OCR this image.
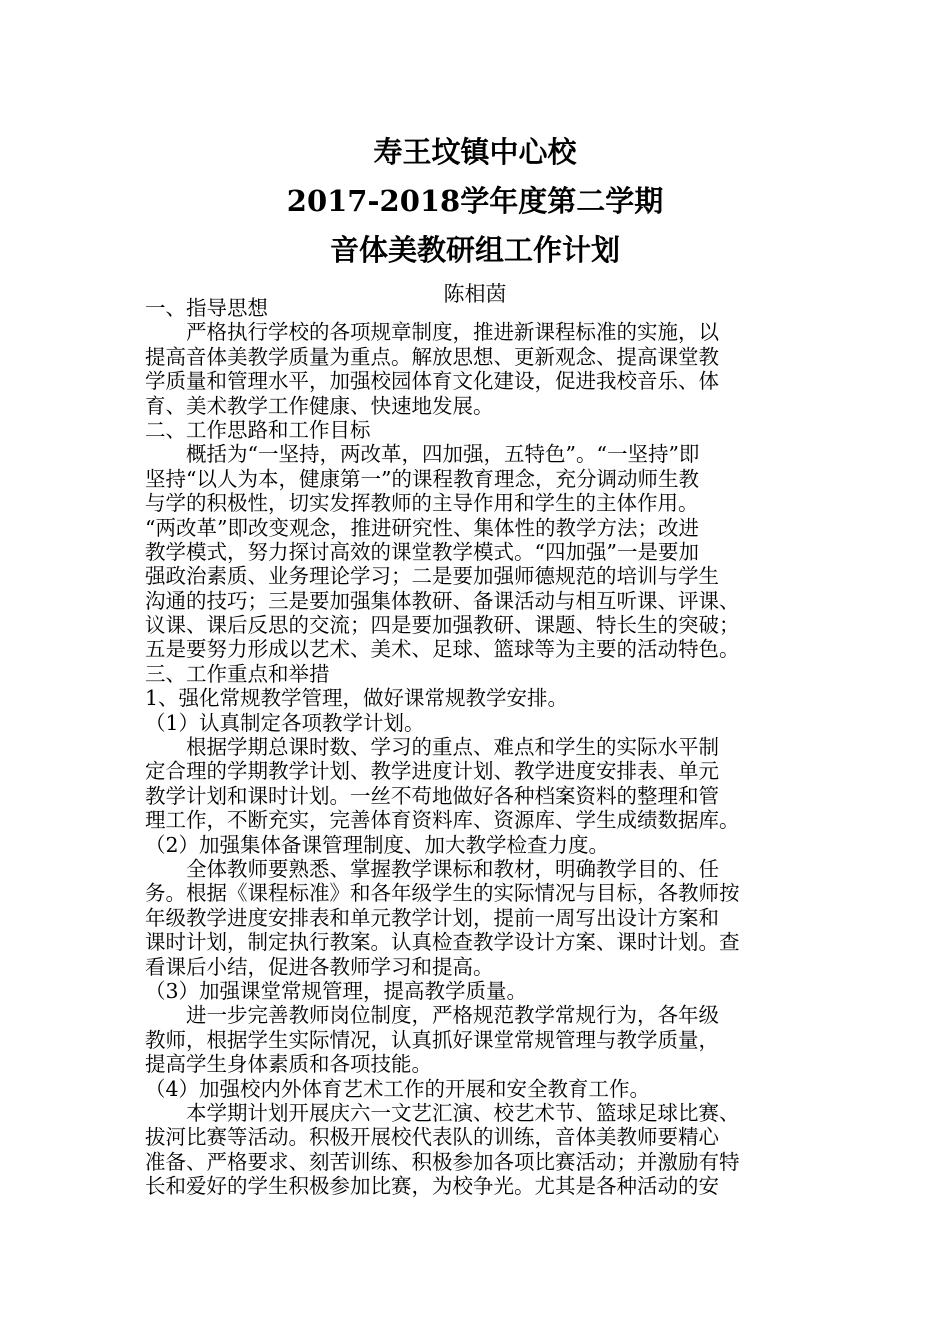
寿王坟镇中心校
2017-2018学年度第二学期
音体美教研组工作计划
陈相茵
一、指导思想
严格执行学校的各项规章制度，推进新课程标准的实施，以
提高音体美教学质量为重点。解放思想、更新观念、提高课堂教
学质量和管理水平，加强校园体育文化建设，促进我校音乐、体
育、美术教学工作健康、快速地发展。
二、工作思路和工作目标
概括为“一坚持，两改革，四加强，五特色”。“一坚持”即
坚持“以人为本，健康第一”的课程教育理念，充分调动师生教
与学的积极性，切实发挥教师的主导作用和学生的主体作用。
“两改革”即改变观念，推进研究性、集体性的教学方法；改进
教学模式，努力探讨高效的课堂教学模式。“四加强”一是要加
强政治素质、业务理论学习；二是要加强师德规范的培训与学生
沟通的技巧；三是要加强集体教研、备课活动与相互听课、评课、
议课、课后反思的交流；四是要加强教研、课题、特长生的突破；
五是要努力形成以艺术、美术、足球、篮球等为主要的活动特色。
三、工作重点和举措
1、强化常规教学管理，做好课常规教学安排。
（1）认真制定各项教学计划。
根据学期总课时数、学习的重点、难点和学生的实际水平制
定合理的学期教学计划、教学进度计划、教学进度安排表、单元
教学计划和课时计划。一丝不苟地做好各种档案资料的整理和管
理工作，不断充实，完善体育资料库、资源库、学生成绩数据库。
（2）加强集体备课管理制度、加大教学检查力度。
全体教师要熟悉、掌握教学课标和教材，明确教学目的、任
务。根据《课程标准》和各年级学生的实际情况与目标，各教师按
年级教学进度安排表和单元教学计划，提前一周写出设计方案和
课时计划，制定执行教案。认真检查教学设计方案、课时计划。查
看课后小结，促进各教师学习和提高。
（3）加强课堂常规管理，提高教学质量。
进一步完善教师岗位制度，严格规范教学常规行为，各年级
教师，根据学生实际情况，认真抓好课堂常规管理与教学质量，
提高学生身体素质和各项技能。
（4）加强校内外体育艺术工作的开展和安全教育工作。
本学期计划开展庆六一文艺汇演、校艺术节、篮球足球比赛、
拔河比赛等活动。积极开展校代表队的训练，音体美教师要精心
准备、严格要求、刻苦训练、积极参加各项比赛活动；并激励有特
长和爱好的学生积极参加比赛，为校争光。尤其是各种活动的安
